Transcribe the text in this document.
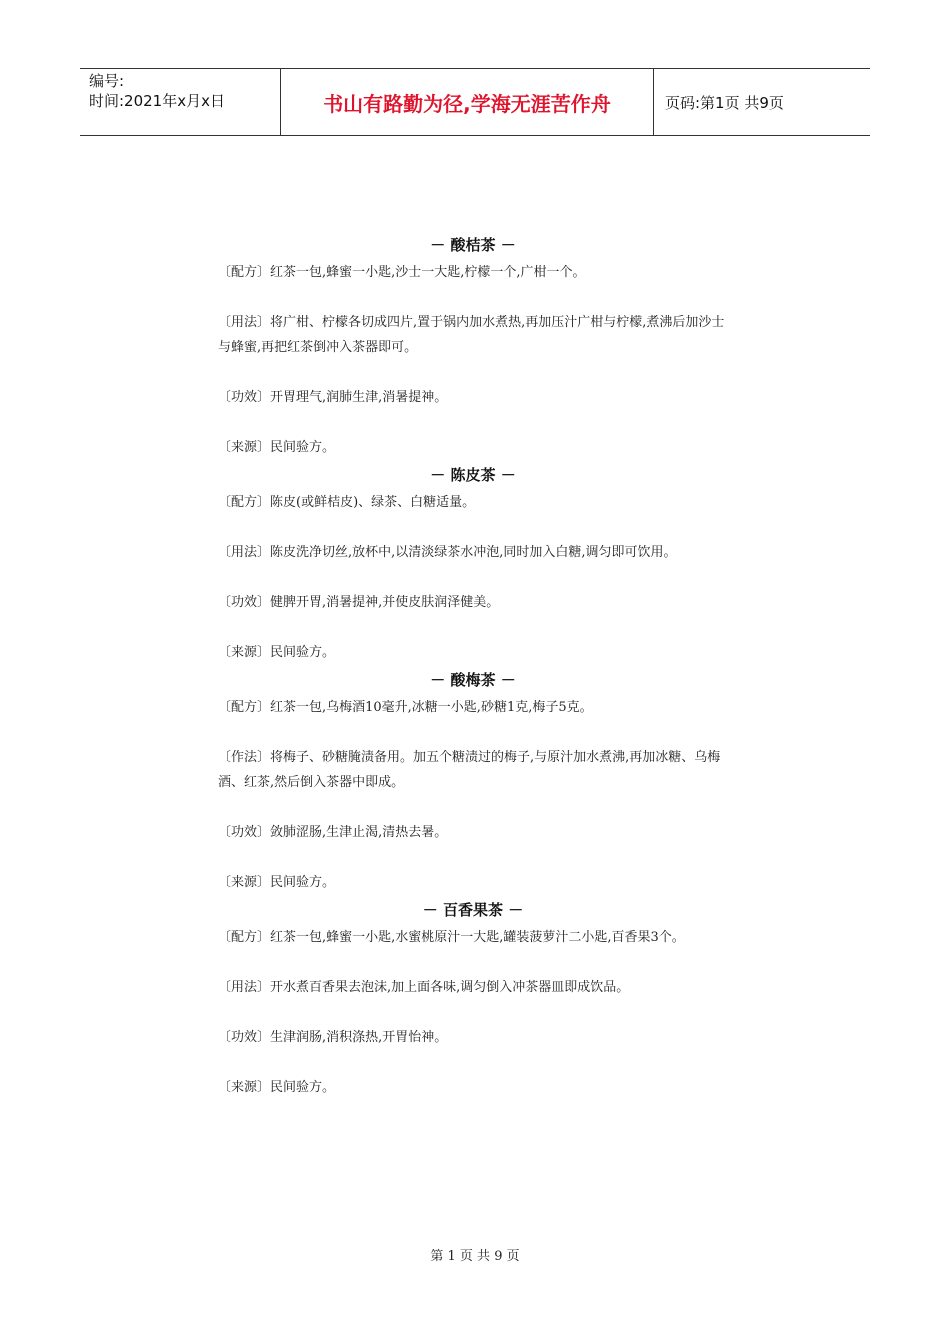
编号:
时间:2021年x月x日	书山有路勤为径,学海无涯苦作舟	页码:第1页 共9页
－ 酸桔茶 －
〔配方〕红茶一包,蜂蜜一小匙,沙士一大匙,柠檬一个,广柑一个。
〔用法〕将广柑、柠檬各切成四片,置于锅内加水煮热,再加压汁广柑与柠檬,煮沸后加沙士与蜂蜜,再把红茶倒冲入茶器即可。
〔功效〕开胃理气,润肺生津,消暑提神。
〔来源〕民间验方。
－ 陈皮茶 －
〔配方〕陈皮(或鲜桔皮)、绿茶、白糖适量。
〔用法〕陈皮洗净切丝,放杯中,以清淡绿茶水冲泡,同时加入白糖,调匀即可饮用。
〔功效〕健脾开胃,消暑提神,并使皮肤润泽健美。
〔来源〕民间验方。
－ 酸梅茶 －
〔配方〕红茶一包,乌梅酒10毫升,冰糖一小匙,砂糖1克,梅子5克。
〔作法〕将梅子、砂糖腌渍备用。加五个糖渍过的梅子,与原汁加水煮沸,再加冰糖、乌梅酒、红茶,然后倒入茶器中即成。
〔功效〕敛肺涩肠,生津止渴,清热去暑。
〔来源〕民间验方。
－ 百香果茶 －
〔配方〕红茶一包,蜂蜜一小匙,水蜜桃原汁一大匙,罐装菠萝汁二小匙,百香果3个。
〔用法〕开水煮百香果去泡沫,加上面各味,调匀倒入冲茶器皿即成饮品。
〔功效〕生津润肠,消积涤热,开胃怡神。
〔来源〕民间验方。
第 1 页 共 9 页
